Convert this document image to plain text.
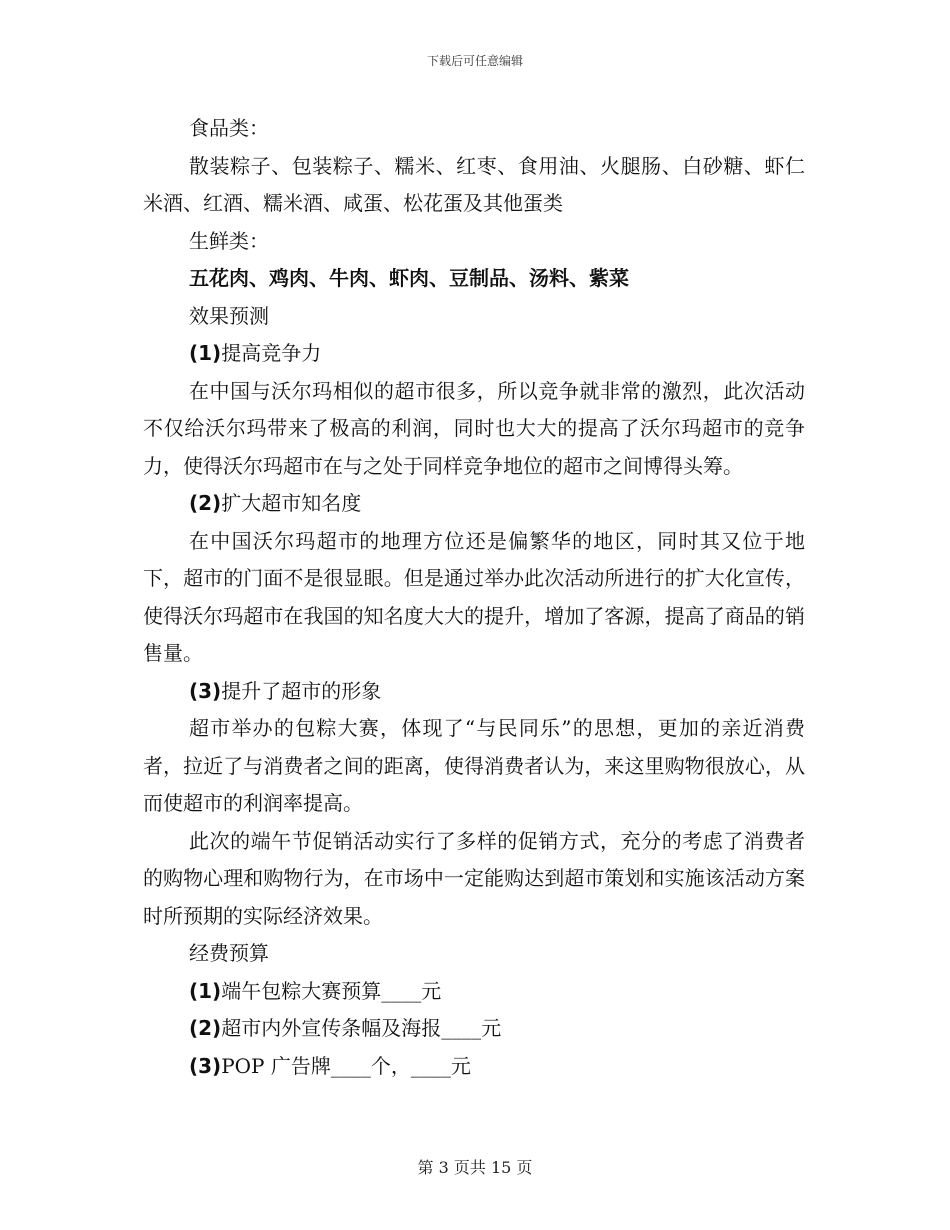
下载后可任意编辑

食品类：

散装粽子、包装粽子、糯米、红枣、食用油、火腿肠、白砂糖、虾仁米酒、红酒、糯米酒、咸蛋、松花蛋及其他蛋类

生鲜类：

五花肉、鸡肉、牛肉、虾肉、豆制品、汤料、紫菜

效果预测

(1)提高竞争力

在中国与沃尔玛相似的超市很多，所以竞争就非常的激烈，此次活动不仅给沃尔玛带来了极高的利润，同时也大大的提高了沃尔玛超市的竞争力，使得沃尔玛超市在与之处于同样竞争地位的超市之间博得头筹。

(2)扩大超市知名度

在中国沃尔玛超市的地理方位还是偏繁华的地区，同时其又位于地下，超市的门面不是很显眼。但是通过举办此次活动所进行的扩大化宣传，使得沃尔玛超市在我国的知名度大大的提升，增加了客源，提高了商品的销售量。

(3)提升了超市的形象

超市举办的包粽大赛，体现了“与民同乐”的思想，更加的亲近消费者，拉近了与消费者之间的距离，使得消费者认为，来这里购物很放心，从而使超市的利润率提高。

此次的端午节促销活动实行了多样的促销方式，充分的考虑了消费者的购物心理和购物行为，在市场中一定能购达到超市策划和实施该活动方案时所预期的实际经济效果。

经费预算

(1)端午包粽大赛预算____元

(2)超市内外宣传条幅及海报____元

(3)POP 广告牌____个，____元

第 3 页共 15 页
